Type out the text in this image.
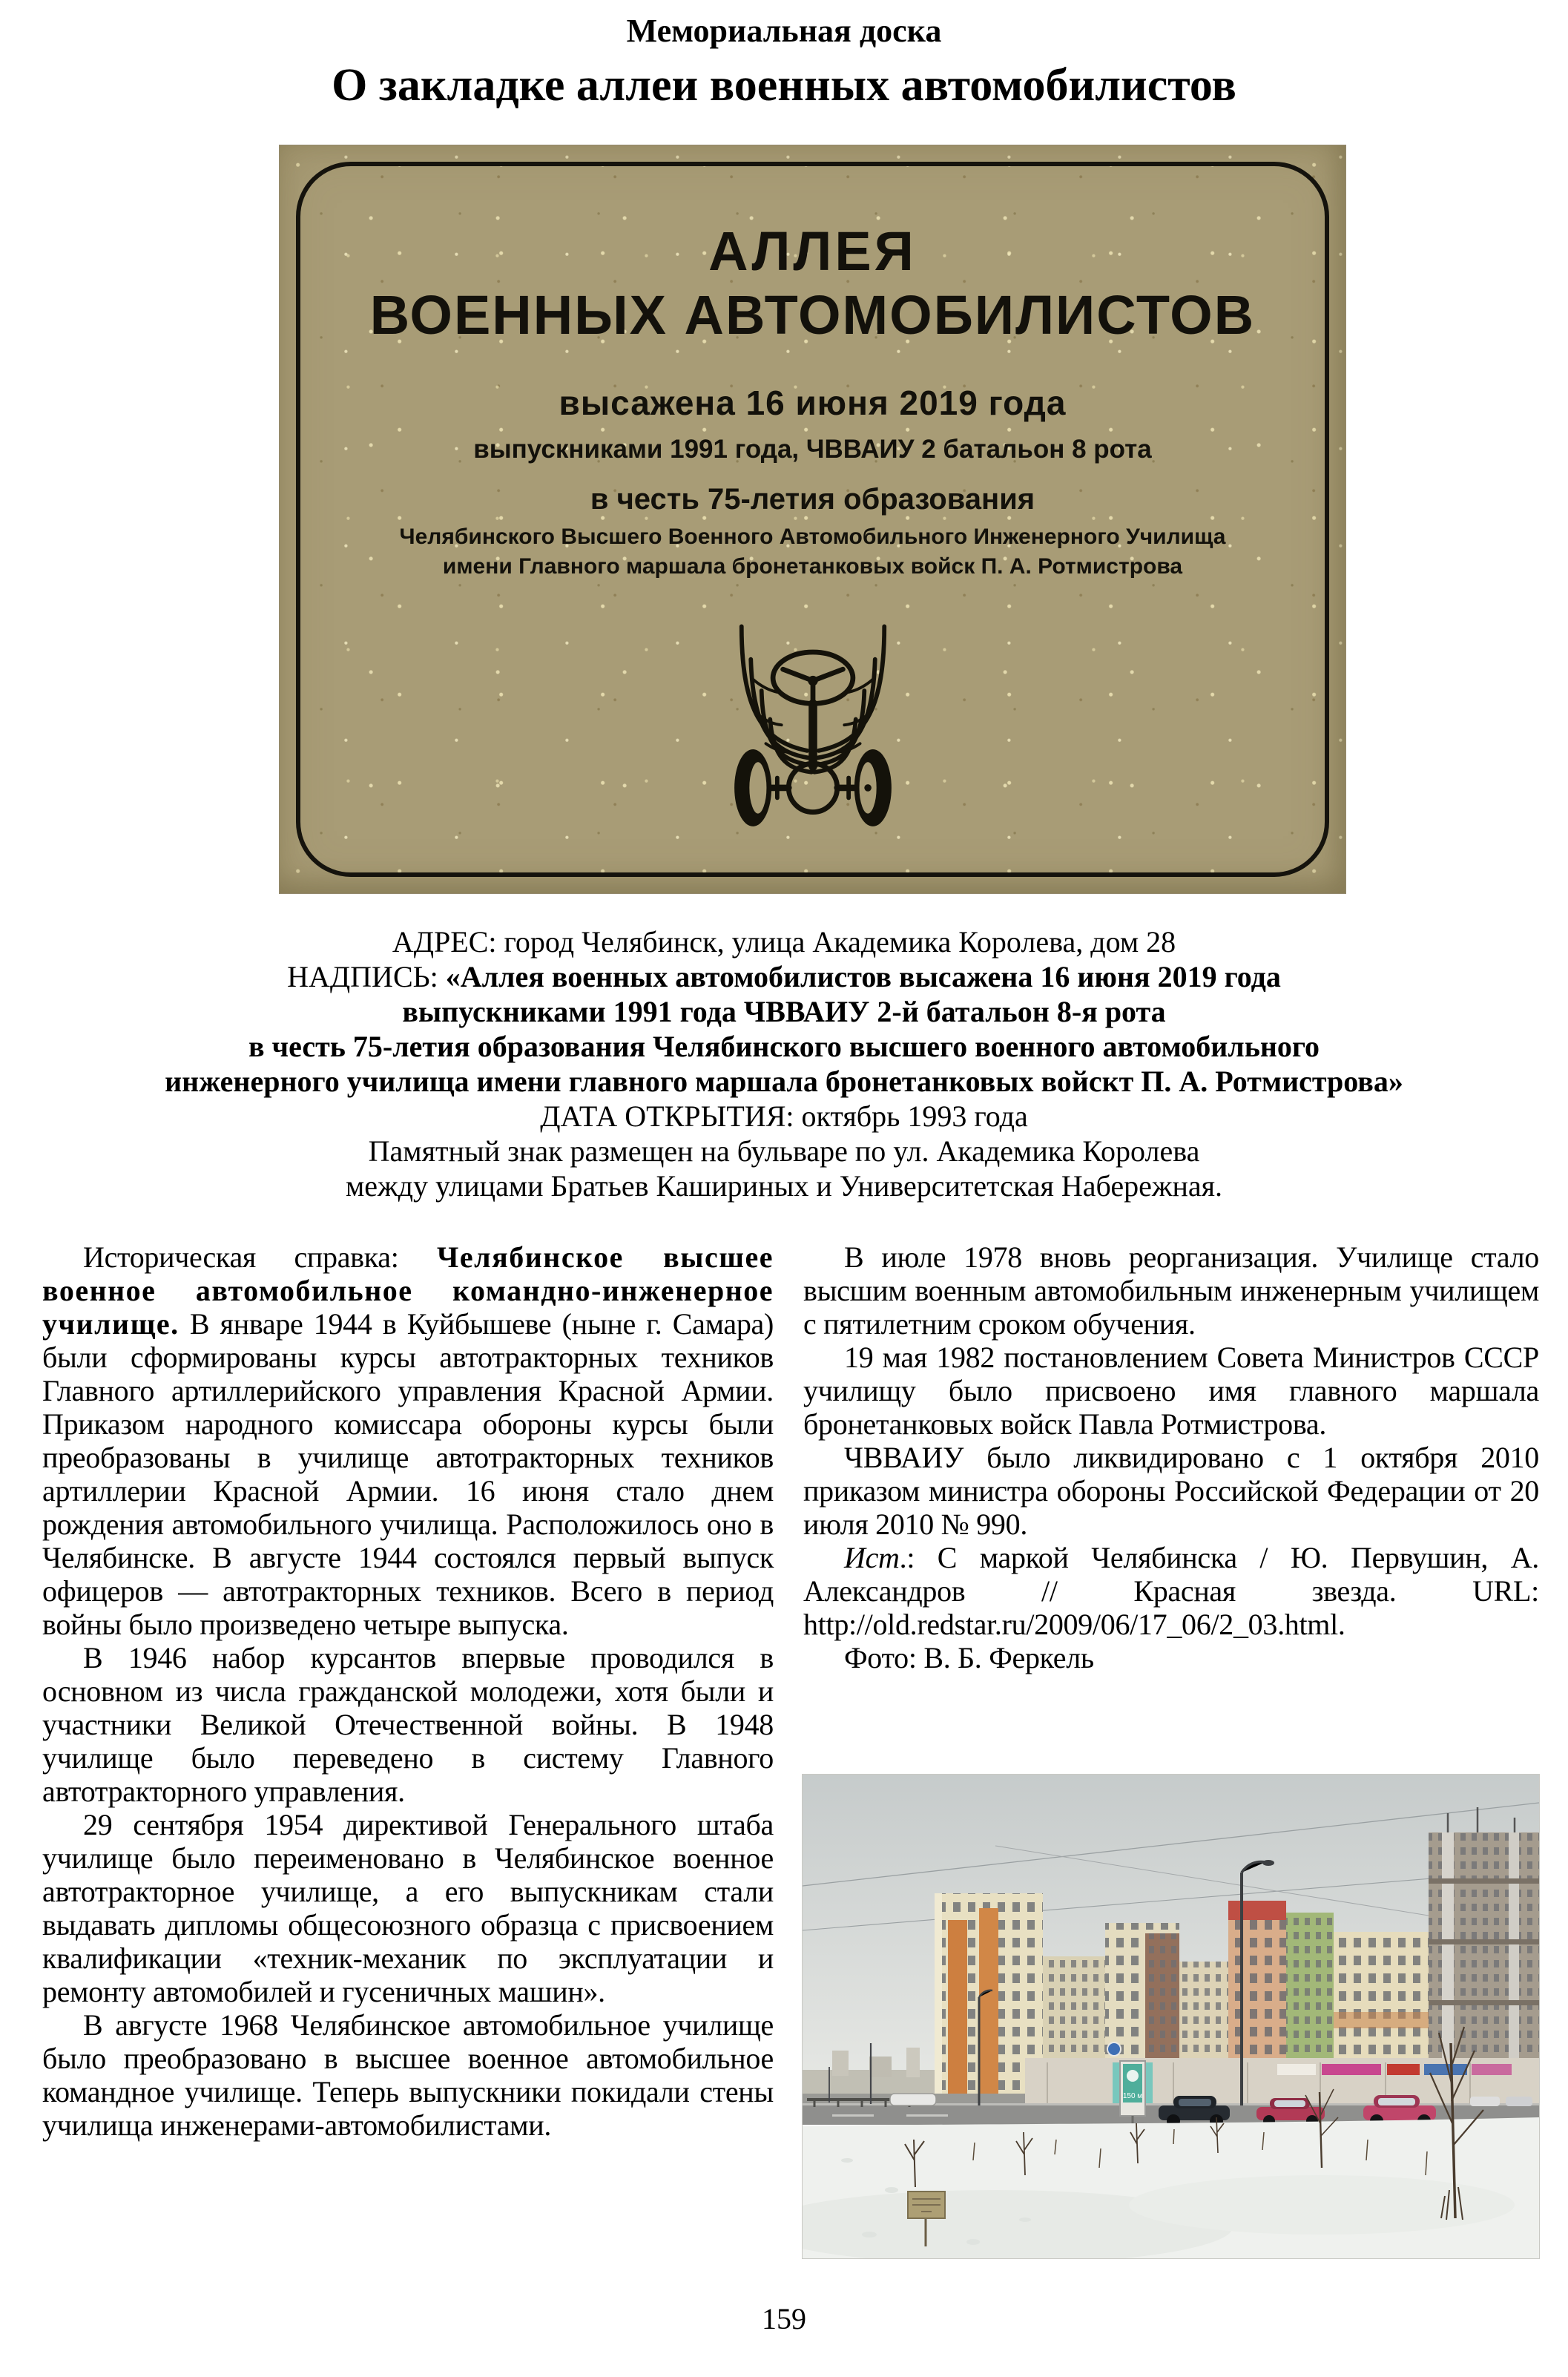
Мемориальная доска
О закладке аллеи военных автомобилистов
АЛЛЕЯ
ВОЕННЫХ АВТОМОБИЛИСТОВ
высажена 16 июня 2019 года
выпускниками 1991 года, ЧВВАИУ 2 батальон 8 рота
в честь 75-летия образования
Челябинского Высшего Военного Автомобильного Инженерного Училища
имени Главного маршала бронетанковых войск П. А. Ротмистрова
АДРЕС: город Челябинск, улица Академика Королева, дом 28
НАДПИСЬ: «Аллея военных автомобилистов высажена 16 июня 2019 года
выпускниками 1991 года ЧВВАИУ 2-й батальон 8-я рота
в честь 75-летия образования Челябинского высшего военного автомобильного
инженерного училища имени главного маршала бронетанковых войскт П. А. Ротмистрова»
ДАТА ОТКРЫТИЯ: октябрь 1993 года
Памятный знак размещен на бульваре по ул. Академика Королева
между улицами Братьев Кашириных и Университетская Набережная.

Историческая справка: Челябинское высшее военное автомобильное командно-инженерное училище. В январе 1944 в Куйбышеве (ныне г. Самара) были сформированы курсы автотракторных техников Главного артиллерийского управления Красной Армии. Приказом народного комиссара обороны курсы были преобразованы в училище автотракторных техников артиллерии Красной Армии. 16 июня стало днем рождения автомобильного училища. Расположилось оно в Челябинске. В августе 1944 состоялся первый выпуск офицеров — автотракторных техников. Всего в период войны было произведено четыре выпуска.

В 1946 набор курсантов впервые проводился в основном из числа гражданской молодежи, хотя были и участники Великой Отечественной войны. В 1948 училище было переведено в систему Главного автотракторного управления.

29 сентября 1954 директивой Генерального штаба училище было переименовано в Челябинское военное автотракторное училище, а его выпускникам стали выдавать дипломы общесоюзного образца с присвоением квалификации «техник-механик по эксплуатации и ремонту автомобилей и гусеничных машин».

В августе 1968 Челябинское автомобильное училище было преобразовано в высшее военное автомобильное командное училище. Теперь выпускники покидали стены училища инженерами-автомобилистами.

В июле 1978 вновь реорганизация. Училище стало высшим военным автомобильным инженерным училищем с пятилетним сроком обучения.

19 мая 1982 постановлением Совета Министров СССР училищу было присвоено имя главного маршала бронетанковых войск Павла Ротмистрова.

ЧВВАИУ было ликвидировано с 1 октября 2010 приказом министра обороны Российской Федерации от 20 июля 2010 № 990.

Ист.: С маркой Челябинска / Ю. Первушин, А. Александров // Красная звезда. URL: http://old.redstar.ru/2009/06/17_06/2_03.html.

Фото: В. Б. Феркель

150 м
159
